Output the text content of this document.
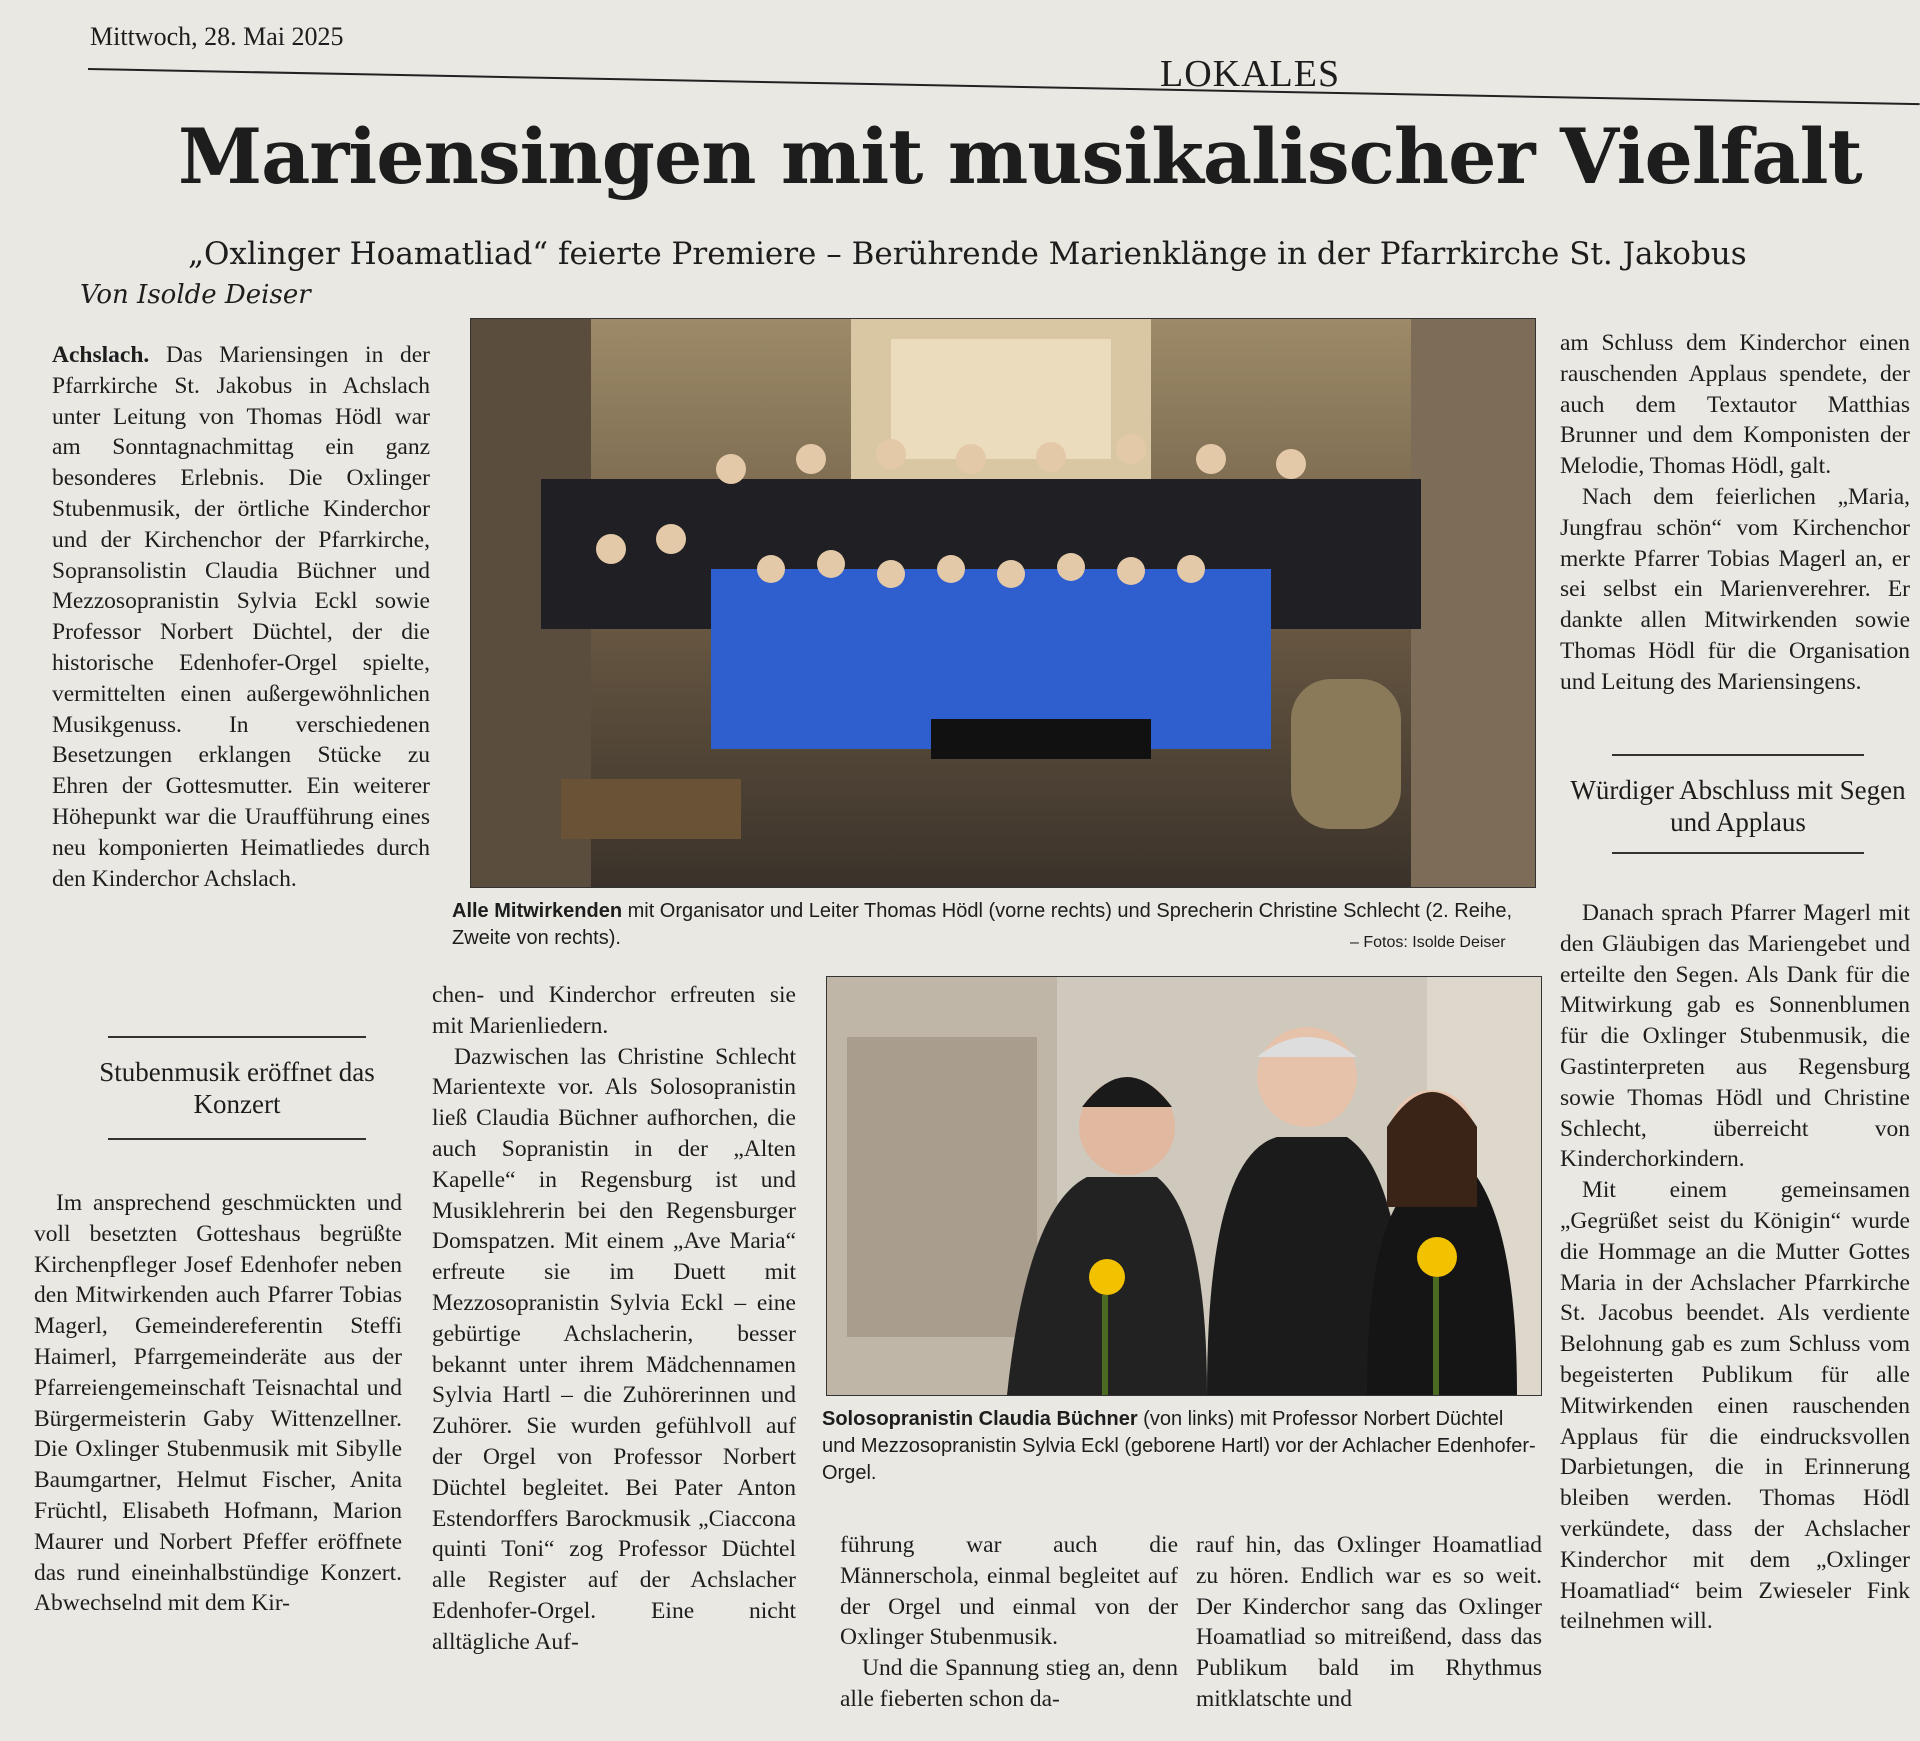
Mittwoch, 28. Mai 2025
LOKALES
Mariensingen mit musikalischer Vielfalt
„Oxlinger Hoamatliad“ feierte Premiere – Berührende Marienklänge in der Pfarrkirche St. Jakobus
Von Isolde Deiser

Achslach. Das Mariensingen in der Pfarrkirche St. Jakobus in Achslach unter Leitung von Thomas Hödl war am Sonntagnachmittag ein ganz besonderes Erlebnis. Die Oxlinger Stubenmusik, der örtliche Kinderchor und der Kirchenchor der Pfarrkirche, Sopransolistin Claudia Büchner und Mezzosopranistin Sylvia Eckl sowie Professor Norbert Düchtel, der die historische Edenhofer-Orgel spielte, vermittelten einen außergewöhnlichen Musikgenuss. In verschiedenen Besetzungen erklangen Stücke zu Ehren der Gottesmutter. Ein weiterer Höhepunkt war die Uraufführung eines neu komponierten Heimatliedes durch den Kinderchor Achslach.

Stubenmusik eröffnet das Konzert

Im ansprechend geschmückten und voll besetzten Gotteshaus begrüßte Kirchenpfleger Josef Edenhofer neben den Mitwirkenden auch Pfarrer Tobias Magerl, Gemeindereferentin Steffi Haimerl, Pfarrgemeinderäte aus der Pfarreiengemeinschaft Teisnachtal und Bürgermeisterin Gaby Wittenzellner. Die Oxlinger Stubenmusik mit Sibylle Baumgartner, Helmut Fischer, Anita Früchtl, Elisabeth Hofmann, Marion Maurer und Norbert Pfeffer eröffnete das rund eineinhalbstündige Konzert. Abwechselnd mit dem Kir-

Alle Mitwirkenden mit Organisator und Leiter Thomas Hödl (vorne rechts) und Sprecherin Christine Schlecht (2. Reihe, Zweite von rechts).	– Fotos: Isolde Deiser

chen- und Kinderchor erfreuten sie mit Marienliedern.

Dazwischen las Christine Schlecht Marientexte vor. Als Solosopranistin ließ Claudia Büchner aufhorchen, die auch Sopranistin in der „Alten Kapelle“ in Regensburg ist und Musiklehrerin bei den Regensburger Domspatzen. Mit einem „Ave Maria“ erfreute sie im Duett mit Mezzosopranistin Sylvia Eckl – eine gebürtige Achslacherin, besser bekannt unter ihrem Mädchennamen Sylvia Hartl – die Zuhörerinnen und Zuhörer. Sie wurden gefühlvoll auf der Orgel von Professor Norbert Düchtel begleitet. Bei Pater Anton Estendorffers Barockmusik „Ciaccona quinti Toni“ zog Professor Düchtel alle Register auf der Achslacher Edenhofer-Orgel. Eine nicht alltägliche Auf-

Solosopranistin Claudia Büchner (von links) mit Professor Norbert Düchtel und Mezzosopranistin Sylvia Eckl (geborene Hartl) vor der Achlacher Edenhofer-Orgel.

führung war auch die Männerschola, einmal begleitet auf der Orgel und einmal von der Oxlinger Stubenmusik.

Und die Spannung stieg an, denn alle fieberten schon da-

rauf hin, das Oxlinger Hoamatliad zu hören. Endlich war es so weit. Der Kinderchor sang das Oxlinger Hoamatliad so mitreißend, dass das Publikum bald im Rhythmus mitklatschte und

am Schluss dem Kinderchor einen rauschenden Applaus spendete, der auch dem Textautor Matthias Brunner und dem Komponisten der Melodie, Thomas Hödl, galt.

Nach dem feierlichen „Maria, Jungfrau schön“ vom Kirchenchor merkte Pfarrer Tobias Magerl an, er sei selbst ein Marienverehrer. Er dankte allen Mitwirkenden sowie Thomas Hödl für die Organisation und Leitung des Mariensingens.

Würdiger Abschluss mit Segen und Applaus

Danach sprach Pfarrer Magerl mit den Gläubigen das Mariengebet und erteilte den Segen. Als Dank für die Mitwirkung gab es Sonnenblumen für die Oxlinger Stubenmusik, die Gastinterpreten aus Regensburg sowie Thomas Hödl und Christine Schlecht, überreicht von Kinderchorkindern.

Mit einem gemeinsamen „Gegrüßet seist du Königin“ wurde die Hommage an die Mutter Gottes Maria in der Achslacher Pfarrkirche St. Jacobus beendet. Als verdiente Belohnung gab es zum Schluss vom begeisterten Publikum für alle Mitwirkenden einen rauschenden Applaus für die eindrucksvollen Darbietungen, die in Erinnerung bleiben werden. Thomas Hödl verkündete, dass der Achslacher Kinderchor mit dem „Oxlinger Hoamatliad“ beim Zwieseler Fink teilnehmen will.
